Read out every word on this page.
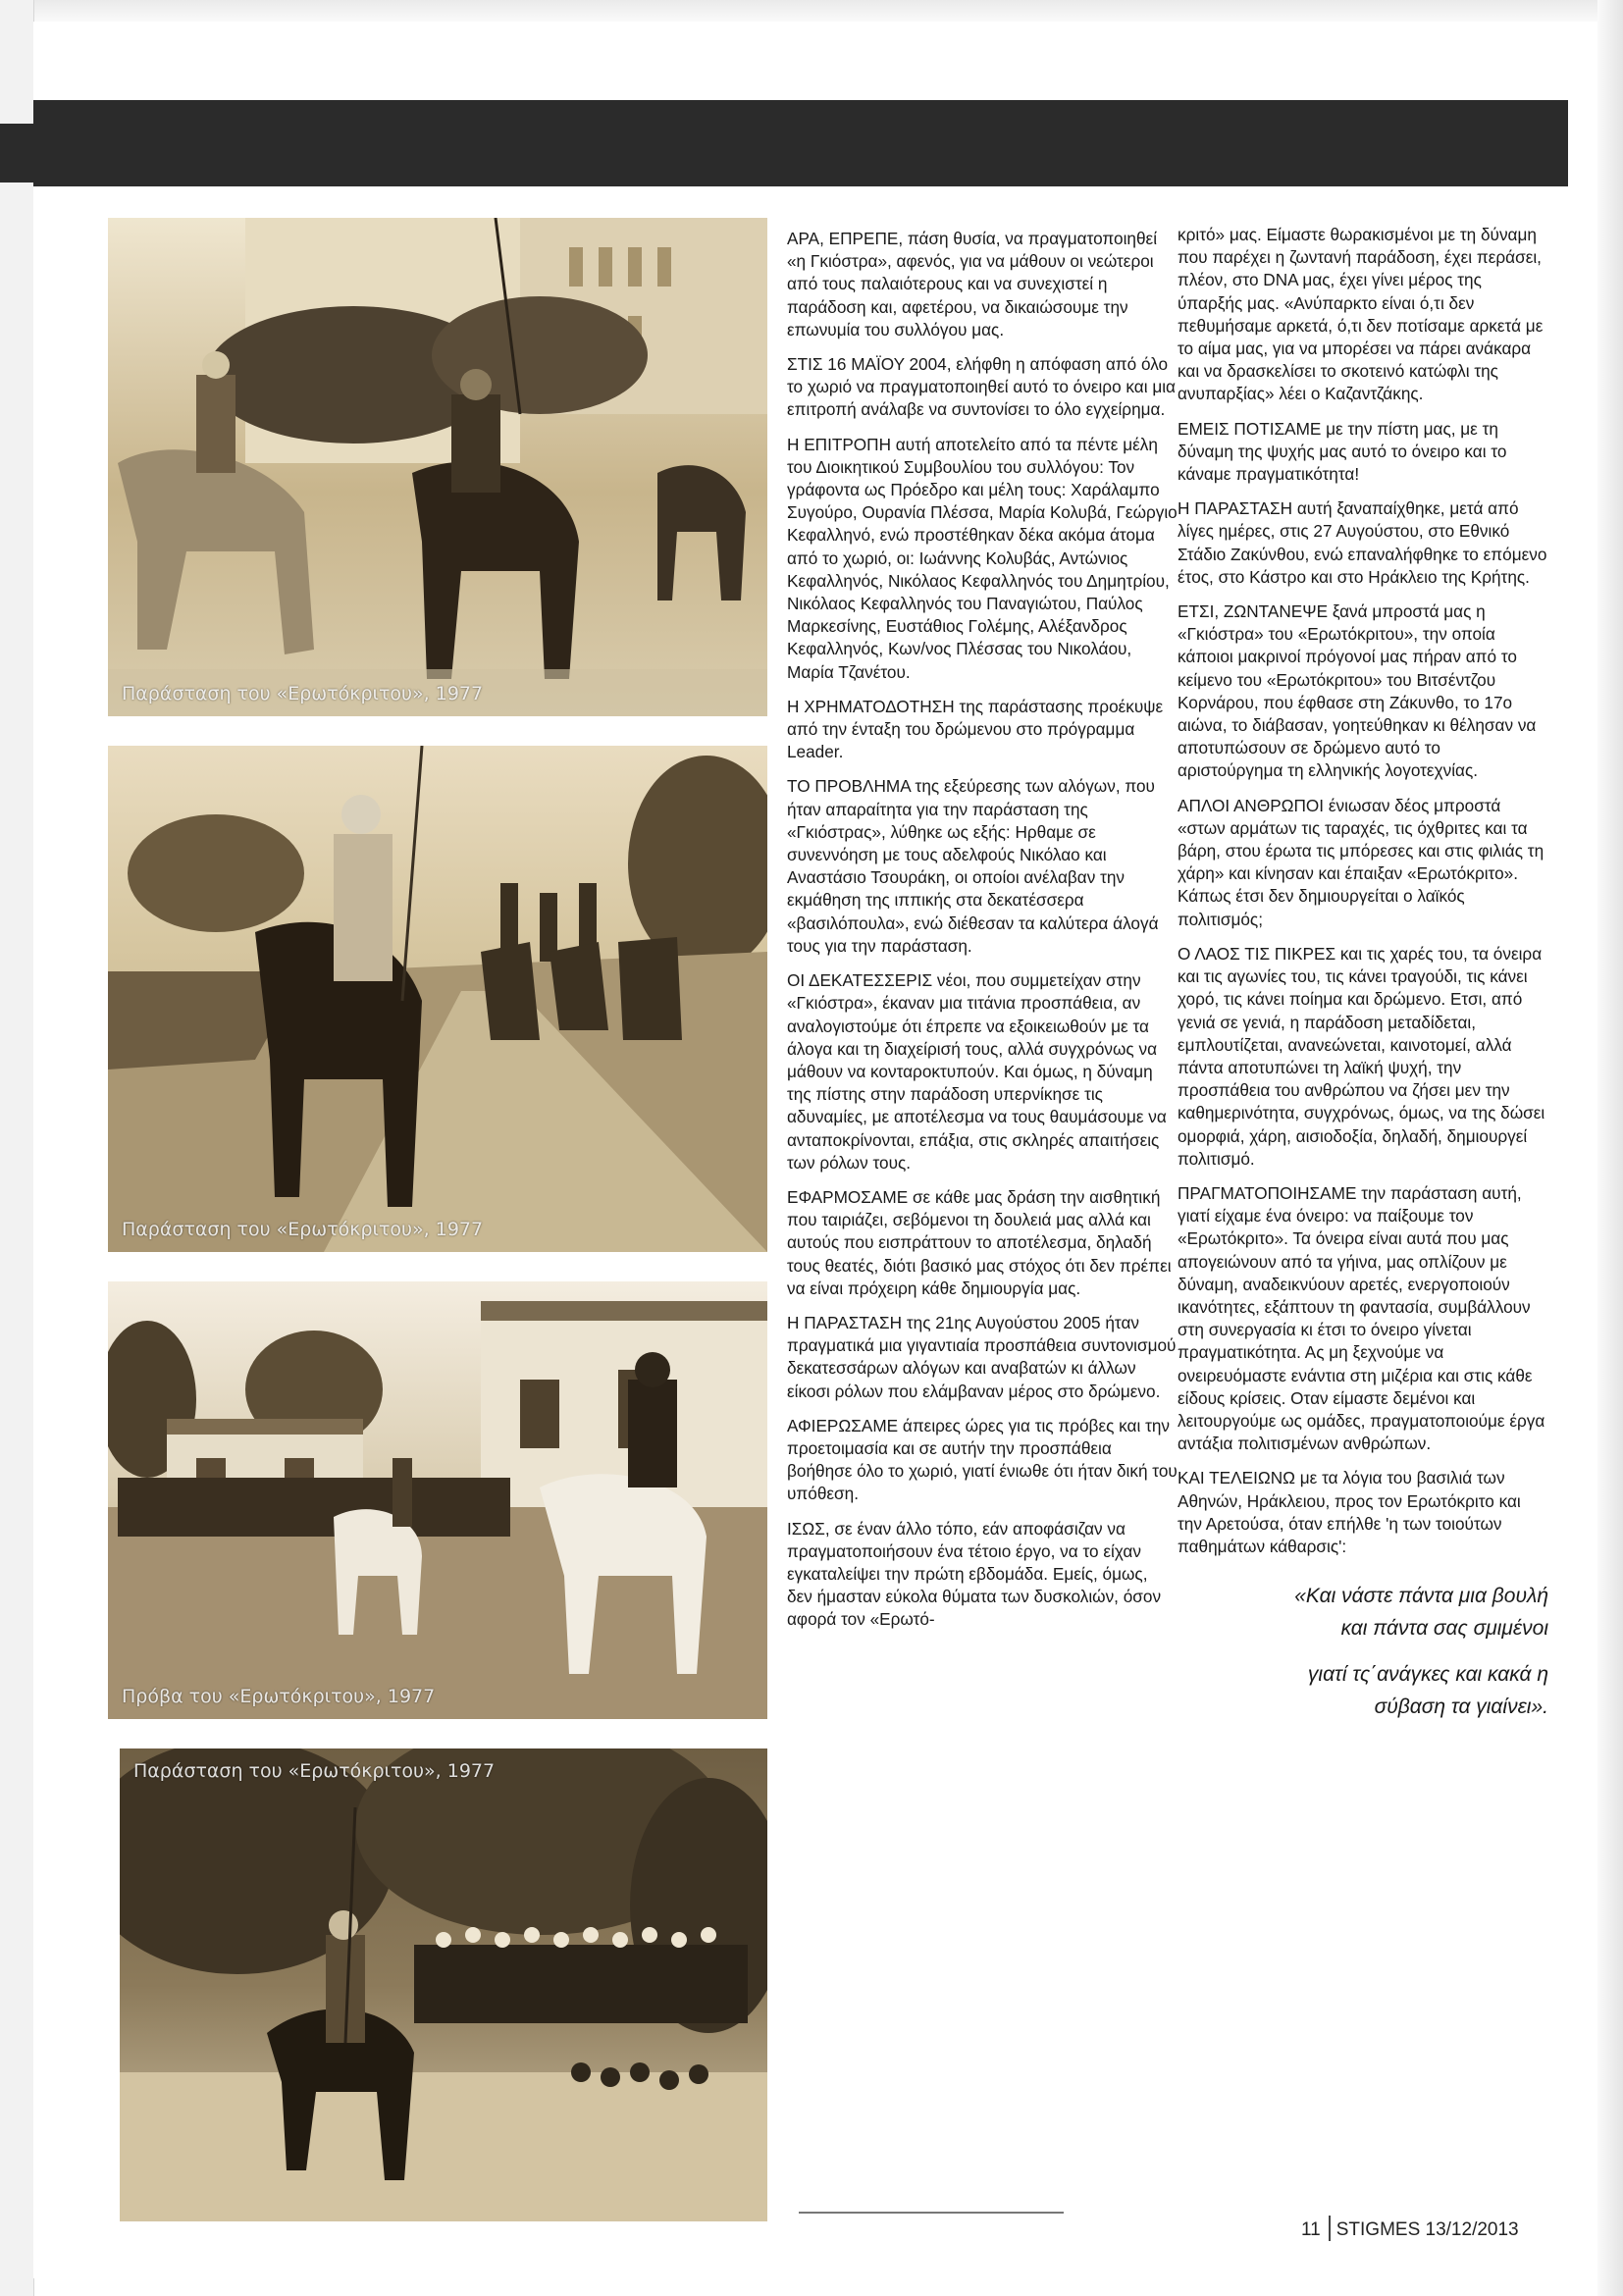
Παράσταση του «Ερωτόκριτου», 1977
Παράσταση του «Ερωτόκριτου», 1977
Πρόβα του «Ερωτόκριτου», 1977
Παράσταση του «Ερωτόκριτου», 1977

ΑΡΑ, ΕΠΡΕΠΕ, πάση θυσία, να πραγματοποιηθεί «η Γκιόστρα», αφενός, για να μάθουν οι νεώτεροι από τους παλαιότερους και να συνεχιστεί η παράδοση και, αφετέρου, να δικαιώσουμε την επωνυμία του συλλόγου μας.

ΣΤΙΣ 16 ΜΑΪΟΥ 2004, ελήφθη η απόφαση από όλο το χωριό να πραγματοποιηθεί αυτό το όνειρο και μια επιτροπή ανάλαβε να συντονίσει το όλο εγχείρημα.

Η ΕΠΙΤΡΟΠΗ αυτή αποτελείτο από τα πέντε μέλη του Διοικητικού Συμβουλίου του συλλόγου: Τον γράφοντα ως Πρόεδρο και μέλη τους: Χαράλαμπο Συγούρο, Ουρανία Πλέσσα, Μαρία Κολυβά, Γεώργιο Κεφαλληνό, ενώ προστέθηκαν δέκα ακόμα άτομα από το χωριό, οι: Ιωάννης Κολυβάς, Αντώνιος Κεφαλληνός, Νικόλαος Κεφαλληνός του Δημητρίου, Νικόλαος Κεφαλληνός του Παναγιώτου, Παύλος Μαρκεσίνης, Ευστάθιος Γολέμης, Αλέξανδρος Κεφαλληνός, Κων/νος Πλέσσας του Νικολάου, Μαρία Τζανέτου.

Η ΧΡΗΜΑΤΟΔΟΤΗΣΗ της παράστασης προέκυψε από την ένταξη του δρώμενου στο πρόγραμμα Leader.

ΤΟ ΠΡΟΒΛΗΜΑ της εξεύρεσης των αλόγων, που ήταν απαραίτητα για την παράσταση της «Γκιόστρας», λύθηκε ως εξής: Ηρθαμε σε συνεννόηση με τους αδελφούς Νικόλαο και Αναστάσιο Τσουράκη, οι οποίοι ανέλαβαν την εκμάθηση της ιππικής στα δεκατέσσερα «βασιλόπουλα», ενώ διέθεσαν τα καλύτερα άλογά τους για την παράσταση.

ΟΙ ΔΕΚΑΤΕΣΣΕΡΙΣ νέοι, που συμμετείχαν στην «Γκιόστρα», έκαναν μια τιτάνια προσπάθεια, αν αναλογιστούμε ότι έπρεπε να εξοικειωθούν με τα άλογα και τη διαχείρισή τους, αλλά συγχρόνως να μάθουν να κονταροκτυπούν. Και όμως, η δύναμη της πίστης στην παράδοση υπερνίκησε τις αδυναμίες, με αποτέλεσμα να τους θαυμάσουμε να ανταποκρίνονται, επάξια, στις σκληρές απαιτήσεις των ρόλων τους.

ΕΦΑΡΜΟΣΑΜΕ σε κάθε μας δράση την αισθητική που ταιριάζει, σεβόμενοι τη δουλειά μας αλλά και αυτούς που εισπράττουν το αποτέλεσμα, δηλαδή τους θεατές, διότι βασικό μας στόχος ότι δεν πρέπει να είναι πρόχειρη κάθε δημιουργία μας.

Η ΠΑΡΑΣΤΑΣΗ της 21ης Αυγούστου 2005 ήταν πραγματικά μια γιγαντιαία προσπάθεια συντονισμού δεκατεσσάρων αλόγων και αναβατών κι άλλων είκοσι ρόλων που ελάμβαναν μέρος στο δρώμενο.

ΑΦΙΕΡΩΣΑΜΕ άπειρες ώρες για τις πρόβες και την προετοιμασία και σε αυτήν την προσπάθεια βοήθησε όλο το χωριό, γιατί ένιωθε ότι ήταν δική του υπόθεση.

ΙΣΩΣ, σε έναν άλλο τόπο, εάν αποφάσιζαν να πραγματοποιήσουν ένα τέτοιο έργο, να το είχαν εγκαταλείψει την πρώτη εβδομάδα. Εμείς, όμως, δεν ήμασταν εύκολα θύματα των δυσκολιών, όσον αφορά τον «Ερωτό-

κριτό» μας. Είμαστε θωρακισμένοι με τη δύναμη που παρέχει η ζωντανή παράδοση, έχει περάσει, πλέον, στο DNA μας, έχει γίνει μέρος της ύπαρξής μας. «Ανύπαρκτο είναι ό,τι δεν πεθυμήσαμε αρκετά, ό,τι δεν ποτίσαμε αρκετά με το αίμα μας, για να μπορέσει να πάρει ανάκαρα και να δρασκελίσει το σκοτεινό κατώφλι της ανυπαρξίας» λέει ο Καζαντζάκης.

ΕΜΕΙΣ ΠΟΤΙΣΑΜΕ με την πίστη μας, με τη δύναμη της ψυχής μας αυτό το όνειρο και το κάναμε πραγματικότητα!

Η ΠΑΡΑΣΤΑΣΗ αυτή ξαναπαίχθηκε, μετά από λίγες ημέρες, στις 27 Αυγούστου, στο Εθνικό Στάδιο Ζακύνθου, ενώ επαναλήφθηκε το επόμενο έτος, στο Κάστρο και στο Ηράκλειο της Κρήτης.

ΕΤΣΙ, ΖΩΝΤΑΝΕΨΕ ξανά μπροστά μας η «Γκιόστρα» του «Ερωτόκριτου», την οποία κάποιοι μακρινοί πρόγονοί μας πήραν από το κείμενο του «Ερωτόκριτου» του Βιτσέντζου Κορνάρου, που έφθασε στη Ζάκυνθο, το 17ο αιώνα, το διάβασαν, γοητεύθηκαν κι θέλησαν να αποτυπώσουν σε δρώμενο αυτό το αριστούργημα τη ελληνικής λογοτεχνίας.

ΑΠΛΟΙ ΑΝΘΡΩΠΟΙ ένιωσαν δέος μπροστά «στων αρμάτων τις ταραχές, τις όχθριτες και τα βάρη, στου έρωτα τις μπόρεσες και στις φιλιάς τη χάρη» και κίνησαν και έπαιξαν «Ερωτόκριτο». Κάπως έτσι δεν δημιουργείται ο λαϊκός πολιτισμός;

Ο ΛΑΟΣ ΤΙΣ ΠΙΚΡΕΣ και τις χαρές του, τα όνειρα και τις αγωνίες του, τις κάνει τραγούδι, τις κάνει χορό, τις κάνει ποίημα και δρώμενο. Ετσι, από γενιά σε γενιά, η παράδοση μεταδίδεται, εμπλουτίζεται, ανανεώνεται, καινοτομεί, αλλά πάντα αποτυπώνει τη λαϊκή ψυχή, την προσπάθεια του ανθρώπου να ζήσει μεν την καθημερινότητα, συγχρόνως, όμως, να της δώσει ομορφιά, χάρη, αισιοδοξία, δηλαδή, δημιουργεί πολιτισμό.

ΠΡΑΓΜΑΤΟΠΟΙΗΣΑΜΕ την παράσταση αυτή, γιατί είχαμε ένα όνειρο: να παίξουμε τον «Ερωτόκριτο». Τα όνειρα είναι αυτά που μας απογειώνουν από τα γήινα, μας οπλίζουν με δύναμη, αναδεικνύουν αρετές, ενεργοποιούν ικανότητες, εξάπτουν τη φαντασία, συμβάλλουν στη συνεργασία κι έτσι το όνειρο γίνεται πραγματικότητα. Ας μη ξεχνούμε να ονειρευόμαστε ενάντια στη μιζέρια και στις κάθε είδους κρίσεις. Οταν είμαστε δεμένοι και λειτουργούμε ως ομάδες, πραγματοποιούμε έργα αντάξια πολιτισμένων ανθρώπων.

ΚΑΙ ΤΕΛΕΙΩΝΩ με τα λόγια του βασιλιά των Αθηνών, Ηράκλειου, προς τον Ερωτόκριτο και την Αρετούσα, όταν επήλθε 'η των τοιούτων παθημάτων κάθαρσις':

«Και νάστε πάντα μια βουλή
και πάντα σας σμιμένοι
γιατί τς΄ανάγκες και κακά η
σύβαση τα γιαίνει».
11 STIGMES 13/12/2013
